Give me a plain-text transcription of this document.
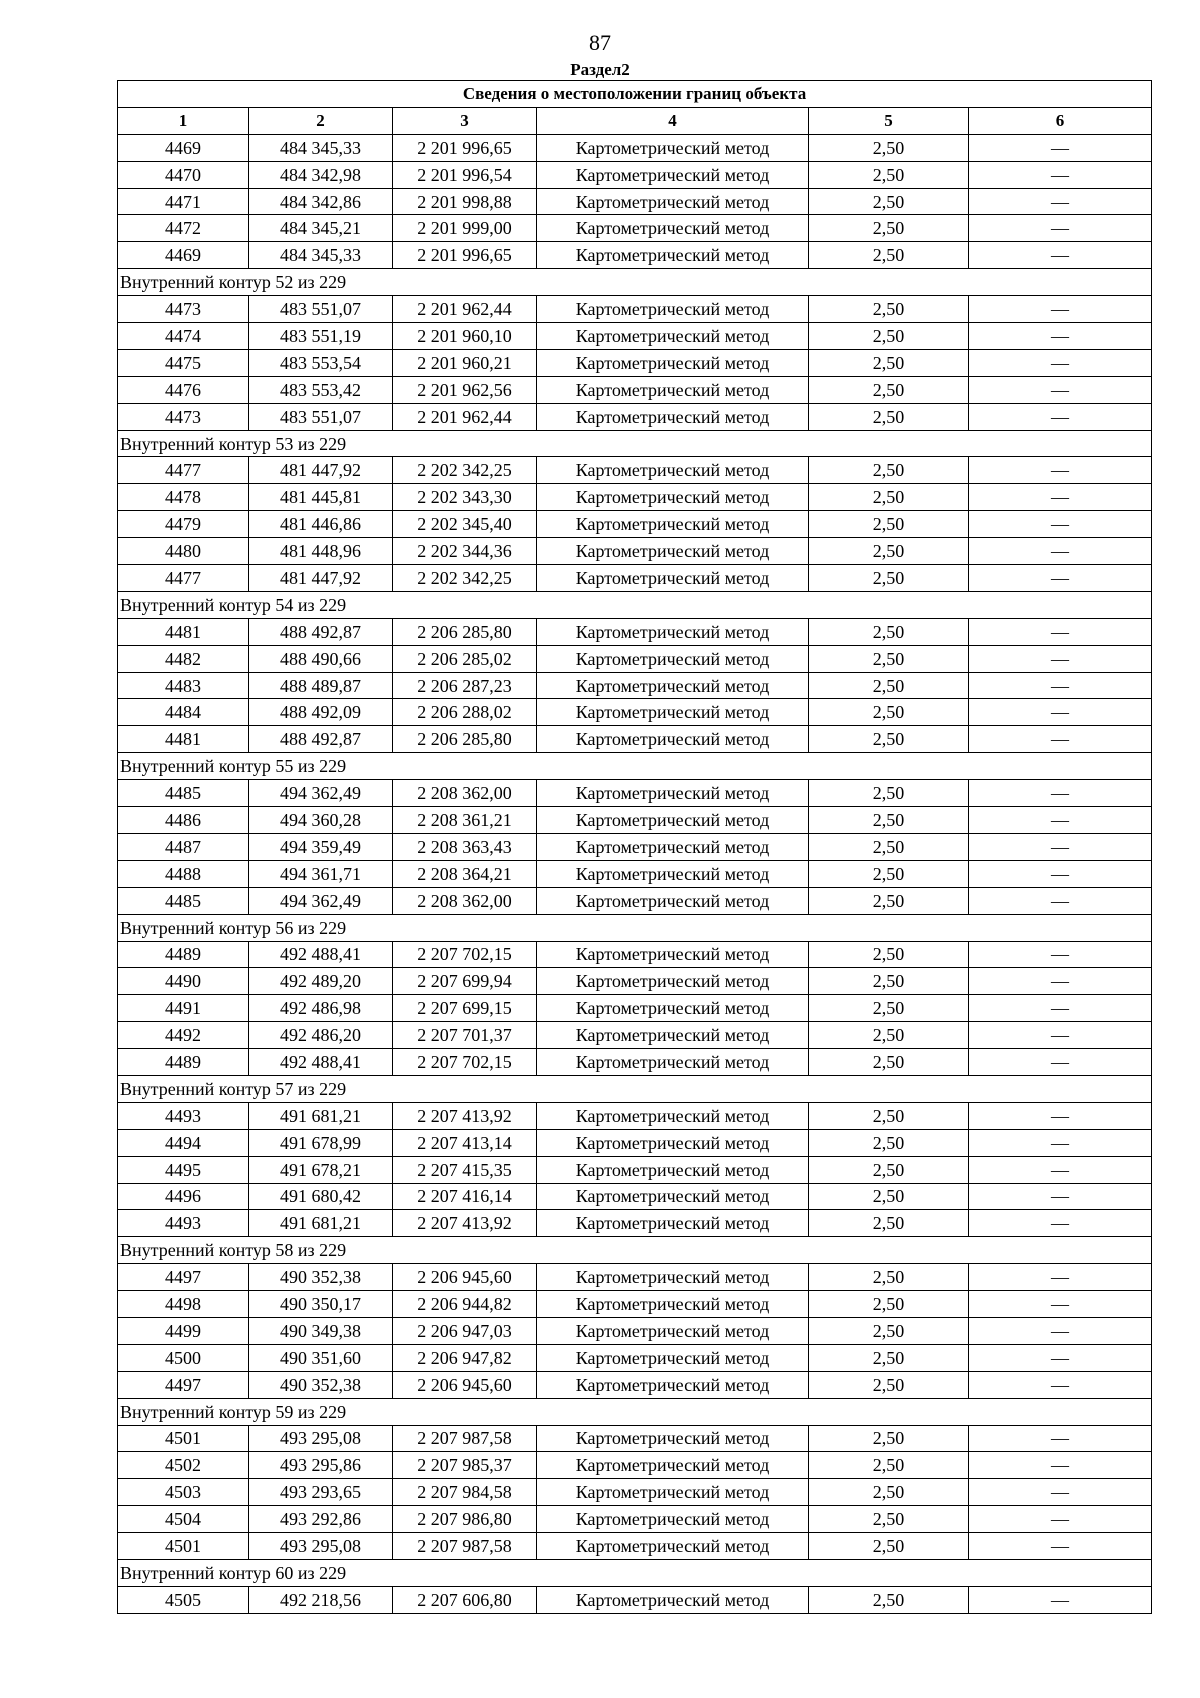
87
Раздел2
Сведения о местоположении границ объекта					
1	2	3	4	5	6
4469	484 345,33	2 201 996,65	Картометрический метод	2,50	—
4470	484 342,98	2 201 996,54	Картометрический метод	2,50	—
4471	484 342,86	2 201 998,88	Картометрический метод	2,50	—
4472	484 345,21	2 201 999,00	Картометрический метод	2,50	—
4469	484 345,33	2 201 996,65	Картометрический метод	2,50	—
Внутренний контур 52 из 229					
4473	483 551,07	2 201 962,44	Картометрический метод	2,50	—
4474	483 551,19	2 201 960,10	Картометрический метод	2,50	—
4475	483 553,54	2 201 960,21	Картометрический метод	2,50	—
4476	483 553,42	2 201 962,56	Картометрический метод	2,50	—
4473	483 551,07	2 201 962,44	Картометрический метод	2,50	—
Внутренний контур 53 из 229					
4477	481 447,92	2 202 342,25	Картометрический метод	2,50	—
4478	481 445,81	2 202 343,30	Картометрический метод	2,50	—
4479	481 446,86	2 202 345,40	Картометрический метод	2,50	—
4480	481 448,96	2 202 344,36	Картометрический метод	2,50	—
4477	481 447,92	2 202 342,25	Картометрический метод	2,50	—
Внутренний контур 54 из 229					
4481	488 492,87	2 206 285,80	Картометрический метод	2,50	—
4482	488 490,66	2 206 285,02	Картометрический метод	2,50	—
4483	488 489,87	2 206 287,23	Картометрический метод	2,50	—
4484	488 492,09	2 206 288,02	Картометрический метод	2,50	—
4481	488 492,87	2 206 285,80	Картометрический метод	2,50	—
Внутренний контур 55 из 229					
4485	494 362,49	2 208 362,00	Картометрический метод	2,50	—
4486	494 360,28	2 208 361,21	Картометрический метод	2,50	—
4487	494 359,49	2 208 363,43	Картометрический метод	2,50	—
4488	494 361,71	2 208 364,21	Картометрический метод	2,50	—
4485	494 362,49	2 208 362,00	Картометрический метод	2,50	—
Внутренний контур 56 из 229					
4489	492 488,41	2 207 702,15	Картометрический метод	2,50	—
4490	492 489,20	2 207 699,94	Картометрический метод	2,50	—
4491	492 486,98	2 207 699,15	Картометрический метод	2,50	—
4492	492 486,20	2 207 701,37	Картометрический метод	2,50	—
4489	492 488,41	2 207 702,15	Картометрический метод	2,50	—
Внутренний контур 57 из 229					
4493	491 681,21	2 207 413,92	Картометрический метод	2,50	—
4494	491 678,99	2 207 413,14	Картометрический метод	2,50	—
4495	491 678,21	2 207 415,35	Картометрический метод	2,50	—
4496	491 680,42	2 207 416,14	Картометрический метод	2,50	—
4493	491 681,21	2 207 413,92	Картометрический метод	2,50	—
Внутренний контур 58 из 229					
4497	490 352,38	2 206 945,60	Картометрический метод	2,50	—
4498	490 350,17	2 206 944,82	Картометрический метод	2,50	—
4499	490 349,38	2 206 947,03	Картометрический метод	2,50	—
4500	490 351,60	2 206 947,82	Картометрический метод	2,50	—
4497	490 352,38	2 206 945,60	Картометрический метод	2,50	—
Внутренний контур 59 из 229					
4501	493 295,08	2 207 987,58	Картометрический метод	2,50	—
4502	493 295,86	2 207 985,37	Картометрический метод	2,50	—
4503	493 293,65	2 207 984,58	Картометрический метод	2,50	—
4504	493 292,86	2 207 986,80	Картометрический метод	2,50	—
4501	493 295,08	2 207 987,58	Картометрический метод	2,50	—
Внутренний контур 60 из 229					
4505	492 218,56	2 207 606,80	Картометрический метод	2,50	—
